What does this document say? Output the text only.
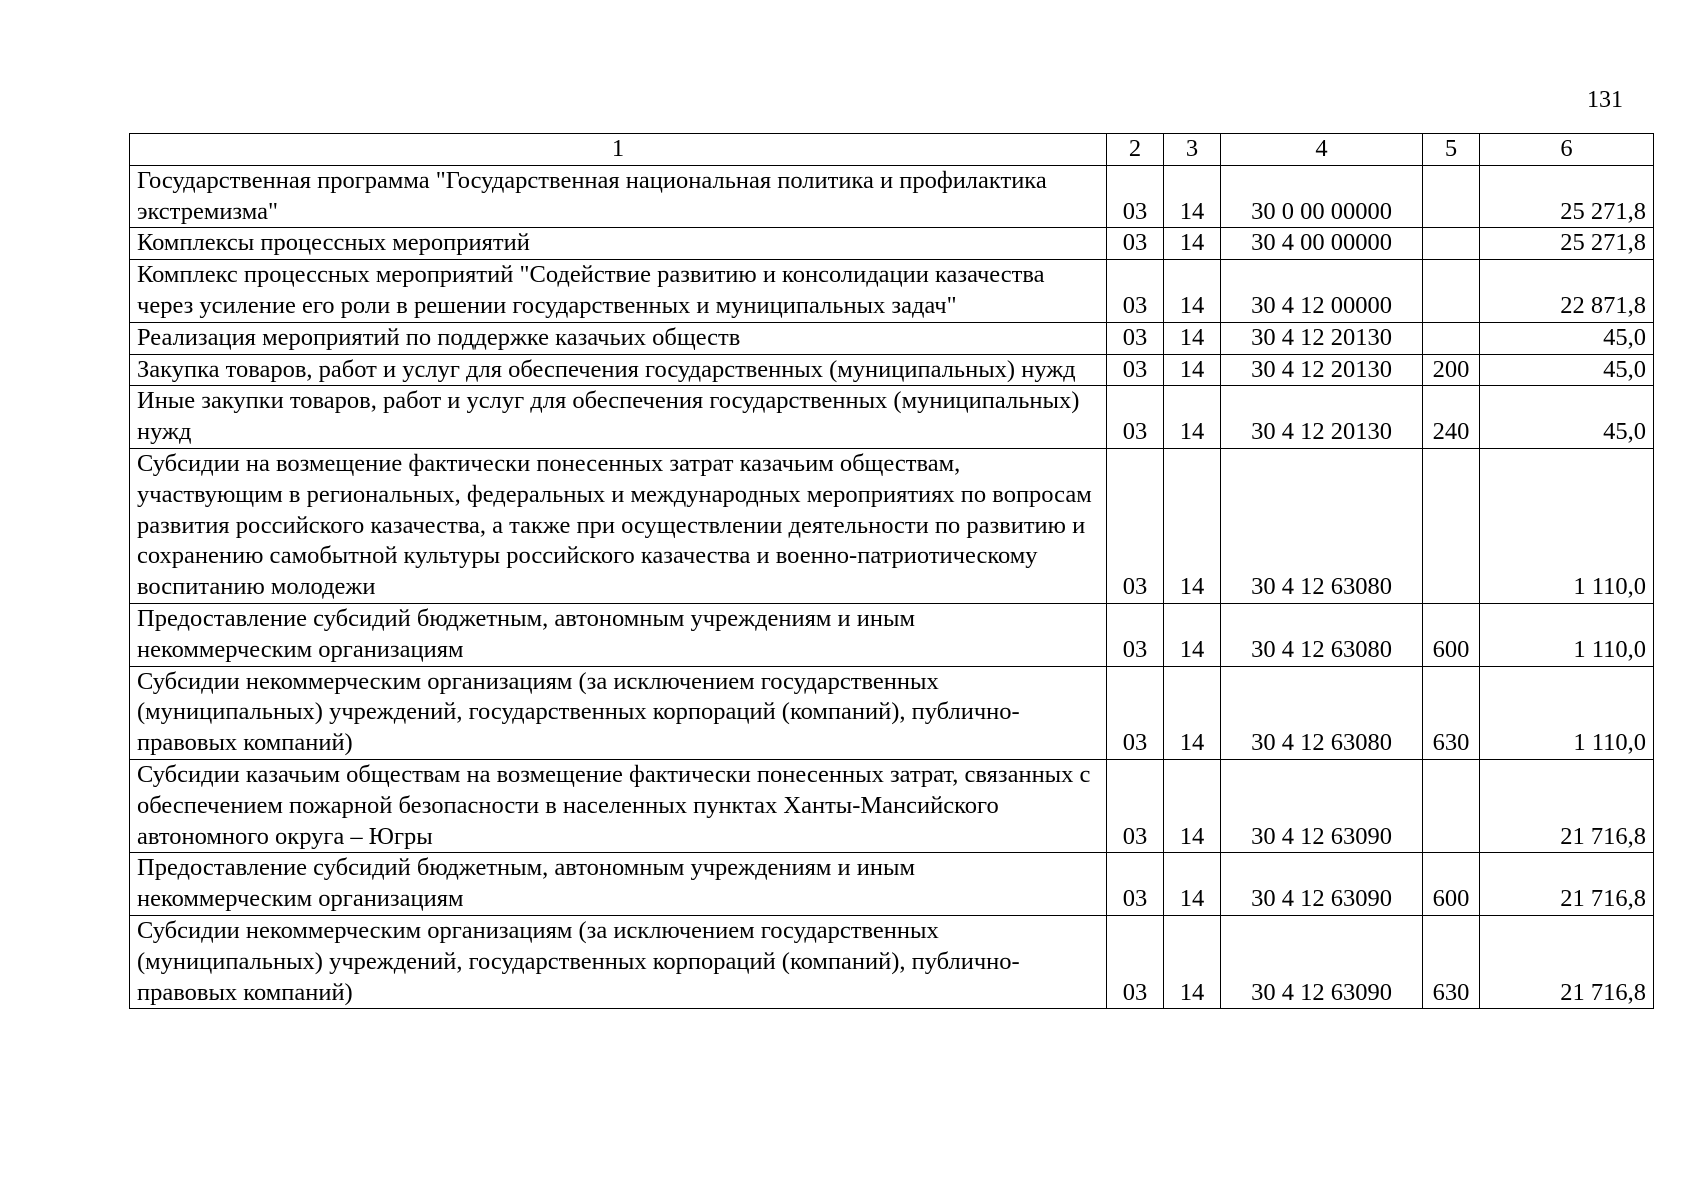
131
1	2	3	4	5	6
Государственная программа "Государственная национальная политика и профилактика экстремизма"	03	14	30 0 00 00000		25 271,8
Комплексы процессных мероприятий	03	14	30 4 00 00000		25 271,8
Комплекс процессных мероприятий "Содействие развитию и консолидации казачества через усиление его роли в решении государственных и муниципальных задач"	03	14	30 4 12 00000		22 871,8
Реализация мероприятий по поддержке казачьих обществ	03	14	30 4 12 20130		45,0
Закупка товаров, работ и услуг для обеспечения государственных (муниципальных) нужд	03	14	30 4 12 20130	200	45,0
Иные закупки товаров, работ и услуг для обеспечения государственных (муниципальных) нужд	03	14	30 4 12 20130	240	45,0
Субсидии на возмещение фактически понесенных затрат казачьим обществам, участвующим в региональных, федеральных и международных мероприятиях по вопросам развития российского казачества, а также при осуществлении деятельности по развитию и сохранению самобытной культуры российского казачества и военно-патриотическому воспитанию молодежи	03	14	30 4 12 63080		1 110,0
Предоставление субсидий бюджетным, автономным учреждениям и иным некоммерческим организациям	03	14	30 4 12 63080	600	1 110,0
Субсидии некоммерческим организациям (за исключением государственных (муниципальных) учреждений, государственных корпораций (компаний), публично-правовых компаний)	03	14	30 4 12 63080	630	1 110,0
Субсидии казачьим обществам на возмещение фактически понесенных затрат, связанных с обеспечением пожарной безопасности в населенных пунктах Ханты-Мансийского автономного округа – Югры	03	14	30 4 12 63090		21 716,8
Предоставление субсидий бюджетным, автономным учреждениям и иным некоммерческим организациям	03	14	30 4 12 63090	600	21 716,8
Субсидии некоммерческим организациям (за исключением государственных (муниципальных) учреждений, государственных корпораций (компаний), публично-правовых компаний)	03	14	30 4 12 63090	630	21 716,8
